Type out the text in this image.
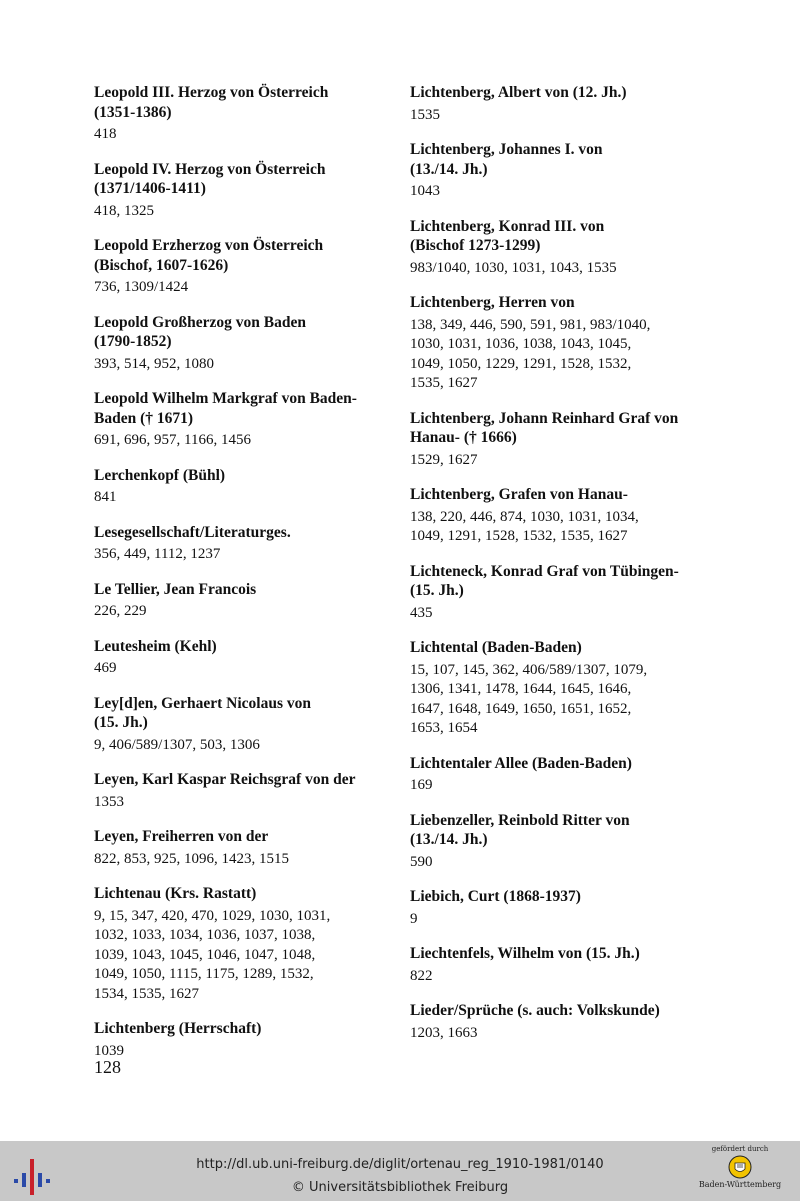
Leopold III. Herzog von Österreich
(1351-1386)
418
Leopold IV. Herzog von Österreich
(1371/1406-1411)
418, 1325
Leopold Erzherzog von Österreich
(Bischof, 1607-1626)
736, 1309/1424
Leopold Großherzog von Baden
(1790-1852)
393, 514, 952, 1080
Leopold Wilhelm Markgraf von Baden-
Baden († 1671)
691, 696, 957, 1166, 1456
Lerchenkopf (Bühl)
841
Lesegesellschaft/Literaturges.
356, 449, 1112, 1237
Le Tellier, Jean Francois
226, 229
Leutesheim (Kehl)
469
Ley[d]en, Gerhaert Nicolaus von
(15. Jh.)
9, 406/589/1307, 503, 1306
Leyen, Karl Kaspar Reichsgraf von der
1353
Leyen, Freiherren von der
822, 853, 925, 1096, 1423, 1515
Lichtenau (Krs. Rastatt)
9, 15, 347, 420, 470, 1029, 1030, 1031,
1032, 1033, 1034, 1036, 1037, 1038,
1039, 1043, 1045, 1046, 1047, 1048,
1049, 1050, 1115, 1175, 1289, 1532,
1534, 1535, 1627
Lichtenberg (Herrschaft)
1039
Lichtenberg, Albert von (12. Jh.)
1535
Lichtenberg, Johannes I. von
(13./14. Jh.)
1043
Lichtenberg, Konrad III. von
(Bischof 1273-1299)
983/1040, 1030, 1031, 1043, 1535
Lichtenberg, Herren von
138, 349, 446, 590, 591, 981, 983/1040,
1030, 1031, 1036, 1038, 1043, 1045,
1049, 1050, 1229, 1291, 1528, 1532,
1535, 1627
Lichtenberg, Johann Reinhard Graf von
Hanau- († 1666)
1529, 1627
Lichtenberg, Grafen von Hanau-
138, 220, 446, 874, 1030, 1031, 1034,
1049, 1291, 1528, 1532, 1535, 1627
Lichteneck, Konrad Graf von Tübingen-
(15. Jh.)
435
Lichtental (Baden-Baden)
15, 107, 145, 362, 406/589/1307, 1079,
1306, 1341, 1478, 1644, 1645, 1646,
1647, 1648, 1649, 1650, 1651, 1652,
1653, 1654
Lichtentaler Allee (Baden-Baden)
169
Liebenzeller, Reinbold Ritter von
(13./14. Jh.)
590
Liebich, Curt (1868-1937)
9
Liechtenfels, Wilhelm von (15. Jh.)
822
Lieder/Sprüche (s. auch: Volkskunde)
1203, 1663
128
http://dl.ub.uni-freiburg.de/diglit/ortenau_reg_1910-1981/0140
© Universitätsbibliothek Freiburg
gefördert durch
Baden-Württemberg
